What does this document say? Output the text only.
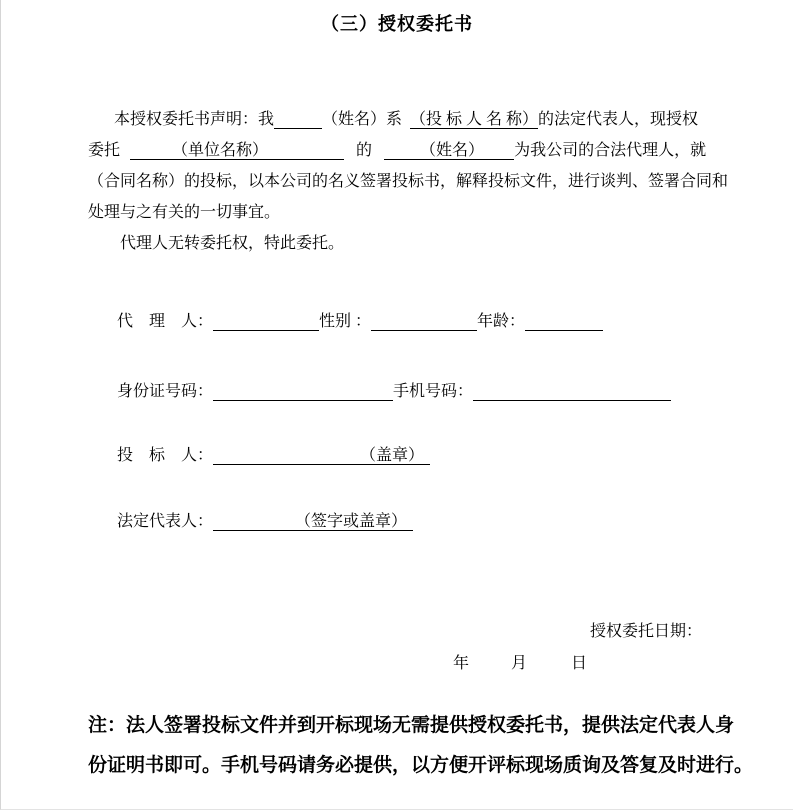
（三）授权委托书
本授权委托书声明：我	（姓名）系 （投 标 人 名 称）的法定代表人，现授权
委托	（单位名称）	的	（姓名） 为我公司的合法代理人，就
（合同名称）的投标，以本公司的名义签署投标书，解释投标文件，进行谈判、签署合同和
处理与之有关的一切事宜。
代理人无转委托权，特此委托。
代　理　人：	性别 ：	年龄：
身份证号码：	手机号码：
投　标　人：	（盖章）
法定代表人：	（签字或盖章）
授权委托日期：
年	月	日
注：法人签署投标文件并到开标现场无需提供授权委托书，提供法定代表人身
份证明书即可。手机号码请务必提供，以方便开评标现场质询及答复及时进行。
